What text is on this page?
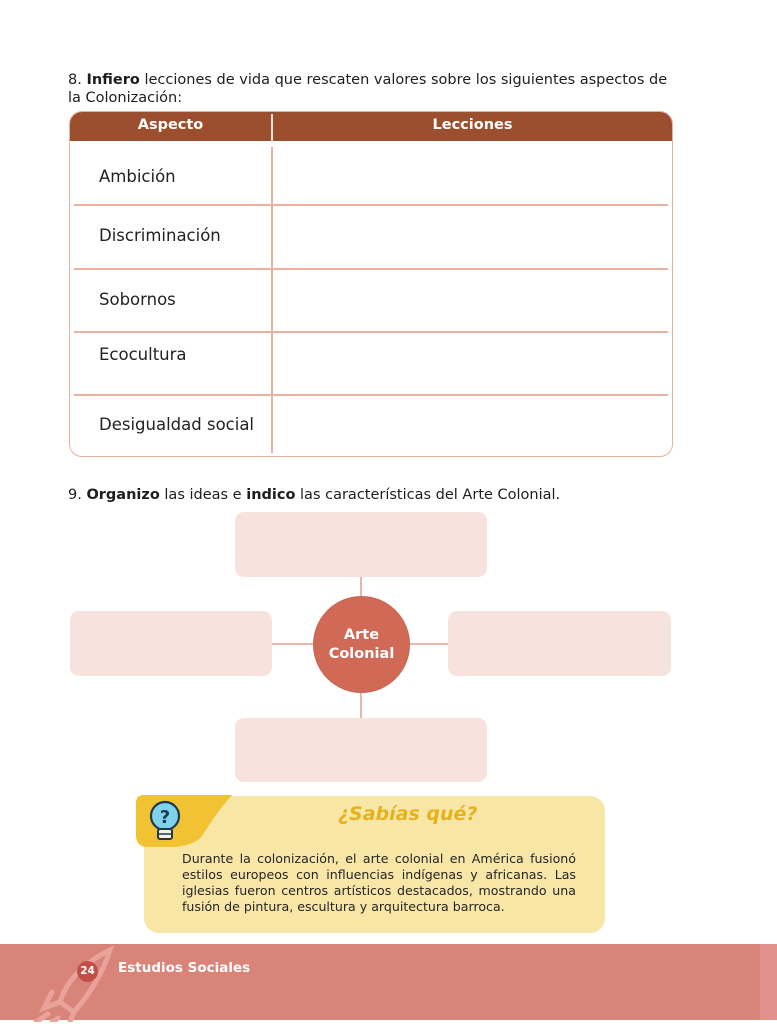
8. Infiero lecciones de vida que rescaten valores sobre los siguientes aspectos de la Colonización:
Aspecto	Lecciones
Ambición
Discriminación
Sobornos
Ecocultura
Desigualdad social
9. Organizo las ideas e indico las características del Arte Colonial.
Arte
Colonial
?	¿Sabías qué?
Durante la colonización, el arte colonial en América fusionó estilos europeos con influencias indígenas y africanas. Las iglesias fueron centros artísticos destacados, mostrando una fusión de pintura, escultura y arquitectura barroca.
24 Estudios Sociales
